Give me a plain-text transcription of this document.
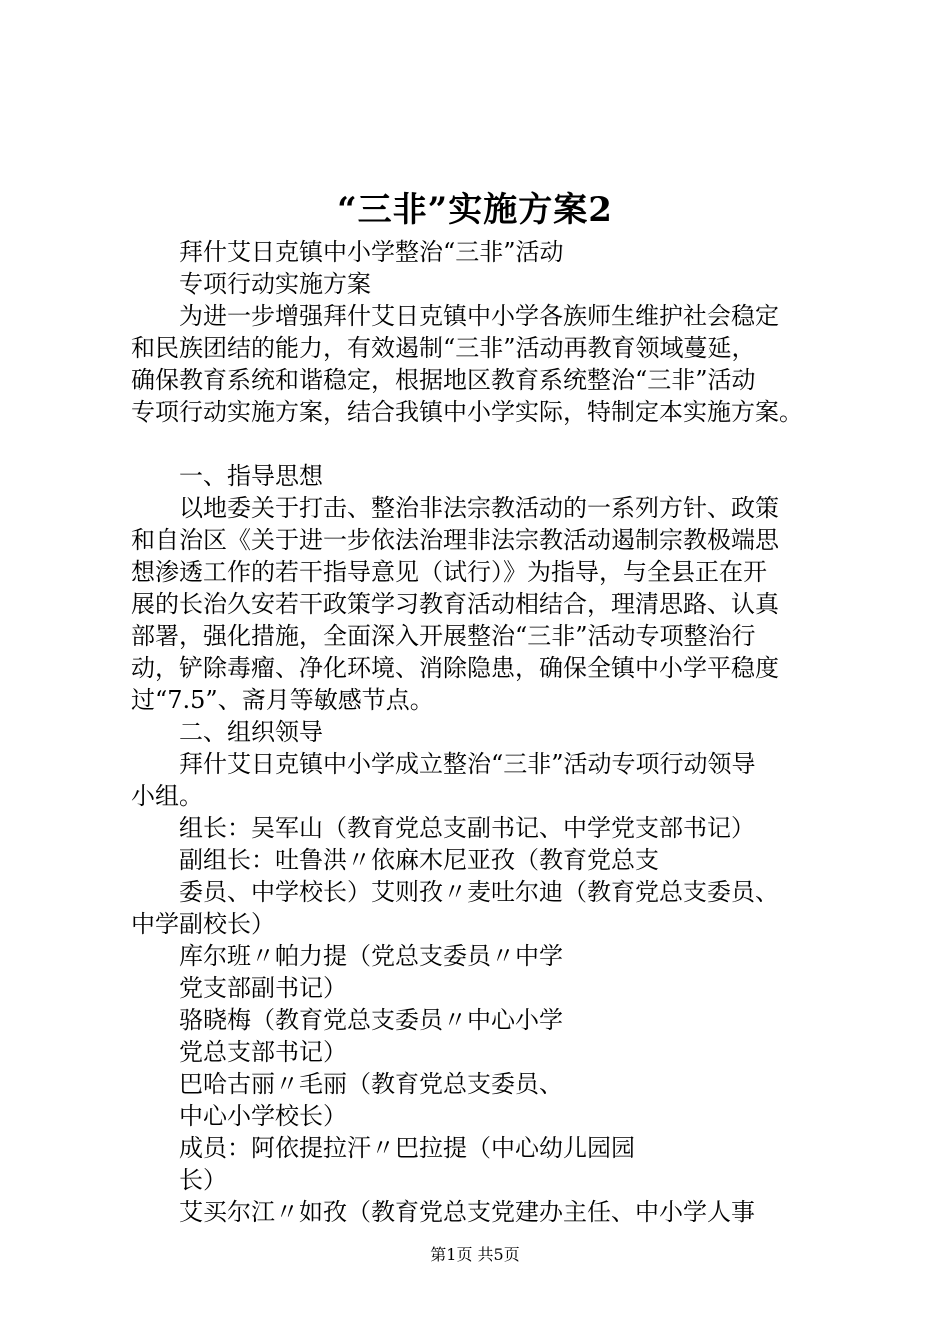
“三非”实施方案2
拜什艾日克镇中小学整治“三非”活动
专项行动实施方案
为进一步增强拜什艾日克镇中小学各族师生维护社会稳定
和民族团结的能力，有效遏制“三非”活动再教育领域蔓延，
确保教育系统和谐稳定，根据地区教育系统整治“三非”活动
专项行动实施方案，结合我镇中小学实际，特制定本实施方案。
一、指导思想
以地委关于打击、整治非法宗教活动的一系列方针、政策
和自治区《关于进一步依法治理非法宗教活动遏制宗教极端思
想渗透工作的若干指导意见（试行）》为指导，与全县正在开
展的长治久安若干政策学习教育活动相结合，理清思路、认真
部署，强化措施，全面深入开展整治“三非”活动专项整治行
动，铲除毒瘤、净化环境、消除隐患，确保全镇中小学平稳度
过“7.5”、斋月等敏感节点。
二、组织领导
拜什艾日克镇中小学成立整治“三非”活动专项行动领导
小组。
组长：吴军山（教育党总支副书记、中学党支部书记）
副组长：吐鲁洪〃依麻木尼亚孜（教育党总支
委员、中学校长）艾则孜〃麦吐尔迪（教育党总支委员、
中学副校长）
库尔班〃帕力提（党总支委员〃中学
党支部副书记）
骆晓梅（教育党总支委员〃中心小学
党总支部书记）
巴哈古丽〃毛丽（教育党总支委员、
中心小学校长）
成员：阿依提拉汗〃巴拉提（中心幼儿园园
长）
艾买尔江〃如孜（教育党总支党建办主任、中小学人事
第1页 共5页
